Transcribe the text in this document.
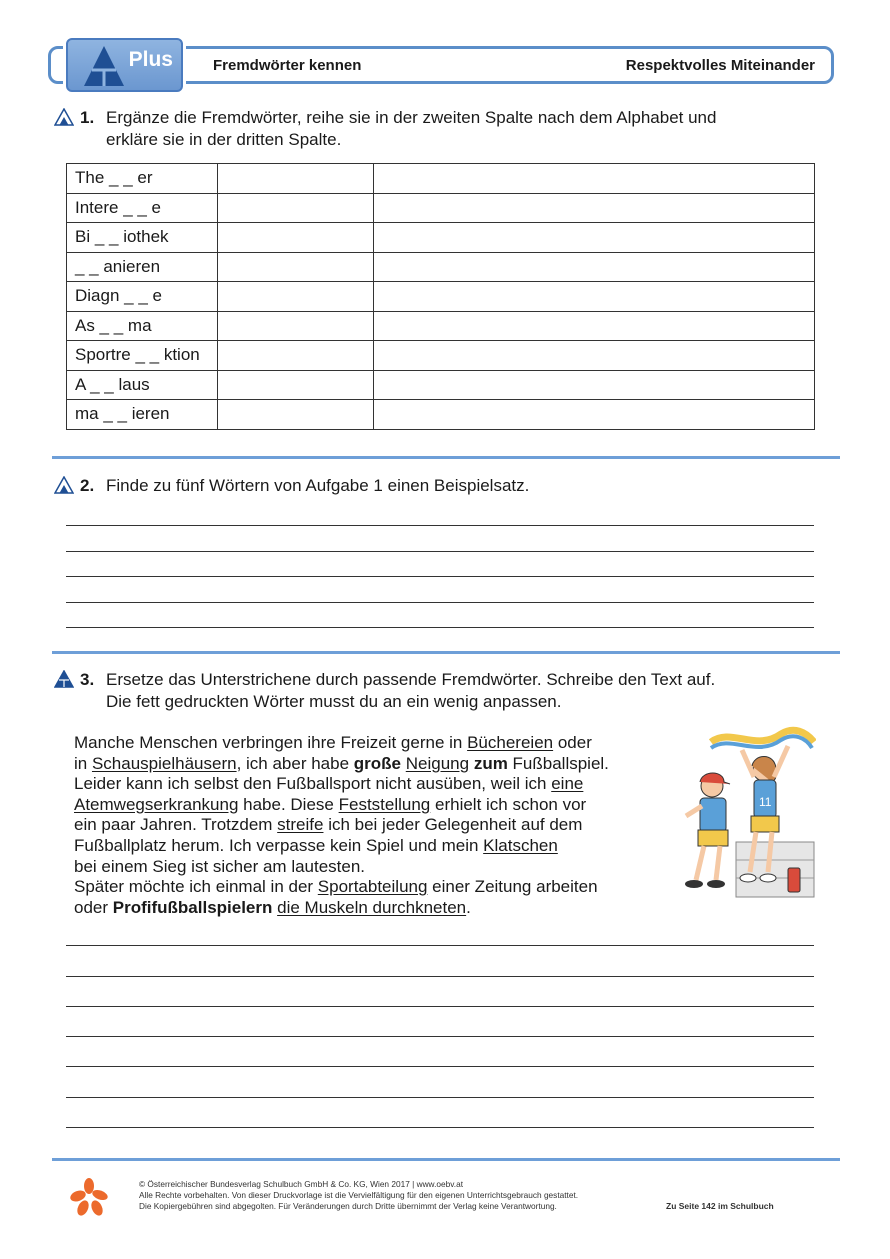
Plus	Fremdwörter kennen	Respektvolles Miteinander
1. Ergänze die Fremdwörter, reihe sie in der zweiten Spalte nach dem Alphabet und
erkläre sie in der dritten Spalte.
The _ _ er		
Intere _ _ e		
Bi _ _ iothek		
_ _ anieren		
Diagn _ _ e		
As _ _ ma		
Sportre _ _ ktion		
A _ _ laus		
ma _ _ ieren		
2. Finde zu fünf Wörtern von Aufgabe 1 einen Beispielsatz.
3. Ersetze das Unterstrichene durch passende Fremdwörter. Schreibe den Text auf.
Die fett gedruckten Wörter musst du an ein wenig anpassen.
Manche Menschen verbringen ihre Freizeit gerne in Büchereien oder
in Schauspielhäusern, ich aber habe große Neigung zum Fußballspiel.
Leider kann ich selbst den Fußballsport nicht ausüben, weil ich eine
Atemwegserkrankung habe. Diese Feststellung erhielt ich schon vor
ein paar Jahren. Trotzdem streife ich bei jeder Gelegenheit auf dem
Fußballplatz herum. Ich verpasse kein Spiel und mein Klatschen
bei einem Sieg ist sicher am lautesten.
Später möchte ich einmal in der Sportabteilung einer Zeitung arbeiten
oder Profifußballspielern die Muskeln durchkneten.
11
© Österreichischer Bundesverlag Schulbuch GmbH & Co. KG, Wien 2017 | www.oebv.at
Alle Rechte vorbehalten. Von dieser Druckvorlage ist die Vervielfältigung für den eigenen Unterrichtsgebrauch gestattet.
Die Kopiergebühren sind abgegolten. Für Veränderungen durch Dritte übernimmt der Verlag keine Verantwortung.	Zu Seite 142 im Schulbuch
